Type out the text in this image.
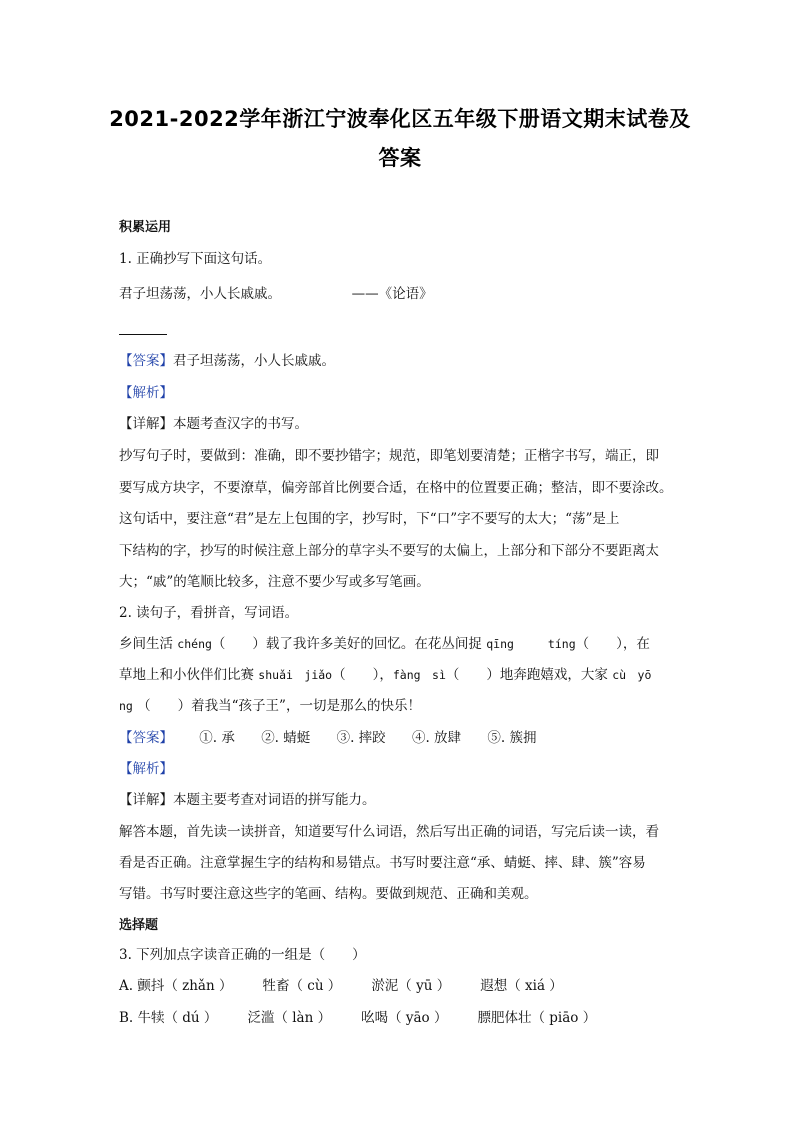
2021-2022学年浙江宁波奉化区五年级下册语文期末试卷及
答案
积累运用
1. 正确抄写下面这句话。
君子坦荡荡，小人长戚戚。	——《论语》
【答案】君子坦荡荡，小人长戚戚。
【解析】
【详解】本题考查汉字的书写。
抄写句子时，要做到：准确，即不要抄错字；规范，即笔划要清楚；正楷字书写，端正，即
要写成方块字，不要潦草，偏旁部首比例要合适，在格中的位置要正确；整洁，即不要涂改。
这句话中，要注意“君”是左上包围的字，抄写时，下“口”字不要写的太大；“荡”是上
下结构的字，抄写的时候注意上部分的草字头不要写的太偏上，上部分和下部分不要距离太
大；“戚”的笔顺比较多，注意不要少写或多写笔画。
2. 读句子，看拼音，写词语。
乡间生活 chéng（　　）载了我许多美好的回忆。在花丛间捉 qīng	tíng（　　），在
草地上和小伙伴们比赛 shuǎi　jiǎo（　　），fàng　sì（　　）地奔跑嬉戏，大家 cù　yō
ng （　　）着我当“孩子王”，一切是那么的快乐！
【答案】 ①. 承 ②. 蜻蜓 ③. 摔跤 ④. 放肆 ⑤. 簇拥
【解析】
【详解】本题主要考查对词语的拼写能力。
解答本题，首先读一读拼音，知道要写什么词语，然后写出正确的词语，写完后读一读，看
看是否正确。注意掌握生字的结构和易错点。书写时要注意“承、蜻蜓、摔、肆、簇”容易
写错。书写时要注意这些字的笔画、结构。要做到规范、正确和美观。
选择题
3. 下列加点字读音正确的一组是（　　）
A. 颤抖（ zhǎn ） 牲畜（ cù ） 淤泥（ yū ） 遐想（ xiá ）
B. 牛犊（ dú ） 泛滥（ làn ） 吆喝（ yāo ） 膘肥体壮（ piāo ）
